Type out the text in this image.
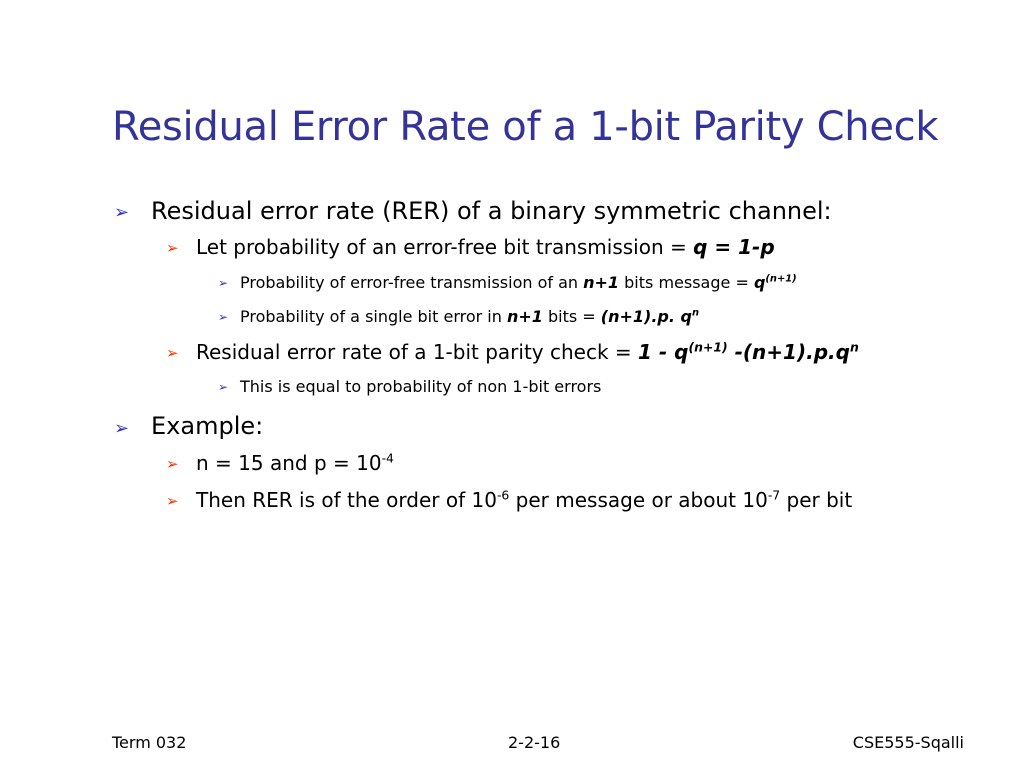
Residual Error Rate of a 1-bit Parity Check
➢ Residual error rate (RER) of a binary symmetric channel:
➢ Let probability of an error-free bit transmission = q = 1-p
➢ Probability of error-free transmission of an n+1 bits message = $q^{(n+1)}$
➢ Probability of a single bit error in n+1 bits = (n+1).p. $q^n$
➢ Residual error rate of a 1-bit parity check = $1 - q^{(n+1)}$ $-(n+1).p.q^n$
➢ This is equal to probability of non 1-bit errors
➢ Example:
➢ n = 15 and $p = 10^{-4}$
➢ Then RER is of the order of $10^{-6}$ per message or about $10^{-7}$ per bit
Term 032	2-2-16	CSE555-Sqalli
